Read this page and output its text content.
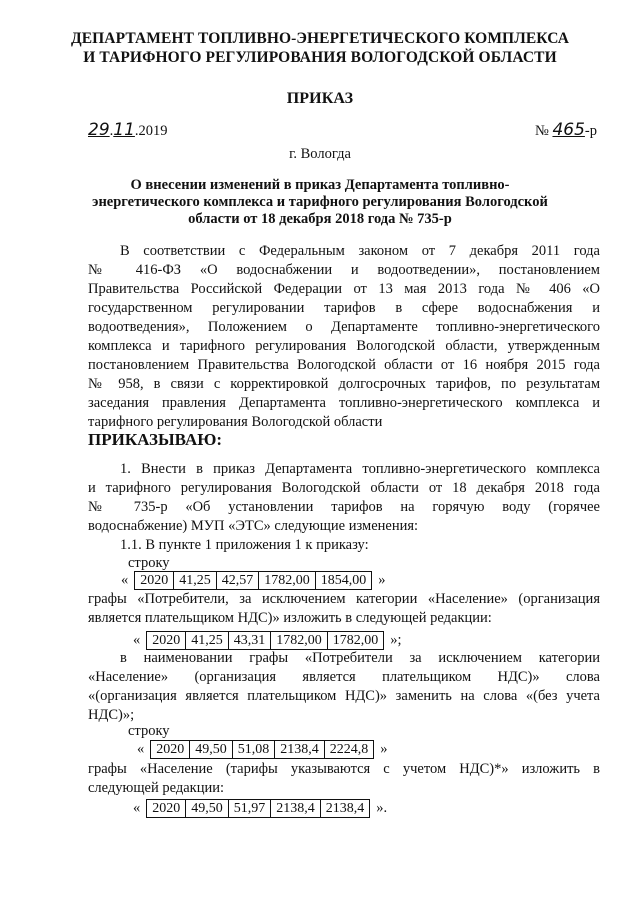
ДЕПАРТАМЕНТ ТОПЛИВНО-ЭНЕРГЕТИЧЕСКОГО КОМПЛЕКСА
И ТАРИФНОГО РЕГУЛИРОВАНИЯ ВОЛОГОДСКОЙ ОБЛАСТИ
ПРИКАЗ
29.11.2019	№ 465-р
г. Вологда
О внесении изменений в приказ Департамента топливно-
энергетического комплекса и тарифного регулирования Вологодской
области от 18 декабря 2018 года № 735-р
В соответствии с Федеральным законом от 7 декабря 2011 года
№ 416-ФЗ «О водоснабжении и водоотведении», постановлением
Правительства Российской Федерации от 13 мая 2013 года № 406 «О
государственном регулировании тарифов в сфере водоснабжения и
водоотведения», Положением о Департаменте топливно-энергетического
комплекса и тарифного регулирования Вологодской области, утвержденным
постановлением Правительства Вологодской области от 16 ноября 2015 года
№ 958, в связи с корректировкой долгосрочных тарифов, по результатам
заседания правления Департамента топливно-энергетического комплекса и
тарифного регулирования Вологодской области
ПРИКАЗЫВАЮ:
1. Внести в приказ Департамента топливно-энергетического комплекса
и тарифного регулирования Вологодской области от 18 декабря 2018 года
№ 735-р «Об установлении тарифов на горячую воду (горячее
водоснабжение) МУП «ЭТС» следующие изменения:
1.1. В пункте 1 приложения 1 к приказу:
строку
« 2020	41,25	42,57	1782,00	1854,00 »
графы «Потребители, за исключением категории «Население» (организация
является плательщиком НДС)» изложить в следующей редакции:
« 2020	41,25	43,31	1782,00	1782,00 »;
в наименовании графы «Потребители за исключением категории
«Население» (организация является плательщиком НДС)» слова
«(организация является плательщиком НДС)» заменить на слова «(без учета
НДС)»;
строку
« 2020	49,50	51,08	2138,4	2224,8 »
графы «Население (тарифы указываются с учетом НДС)*» изложить в
следующей редакции:
« 2020	49,50	51,97	2138,4	2138,4 ».
